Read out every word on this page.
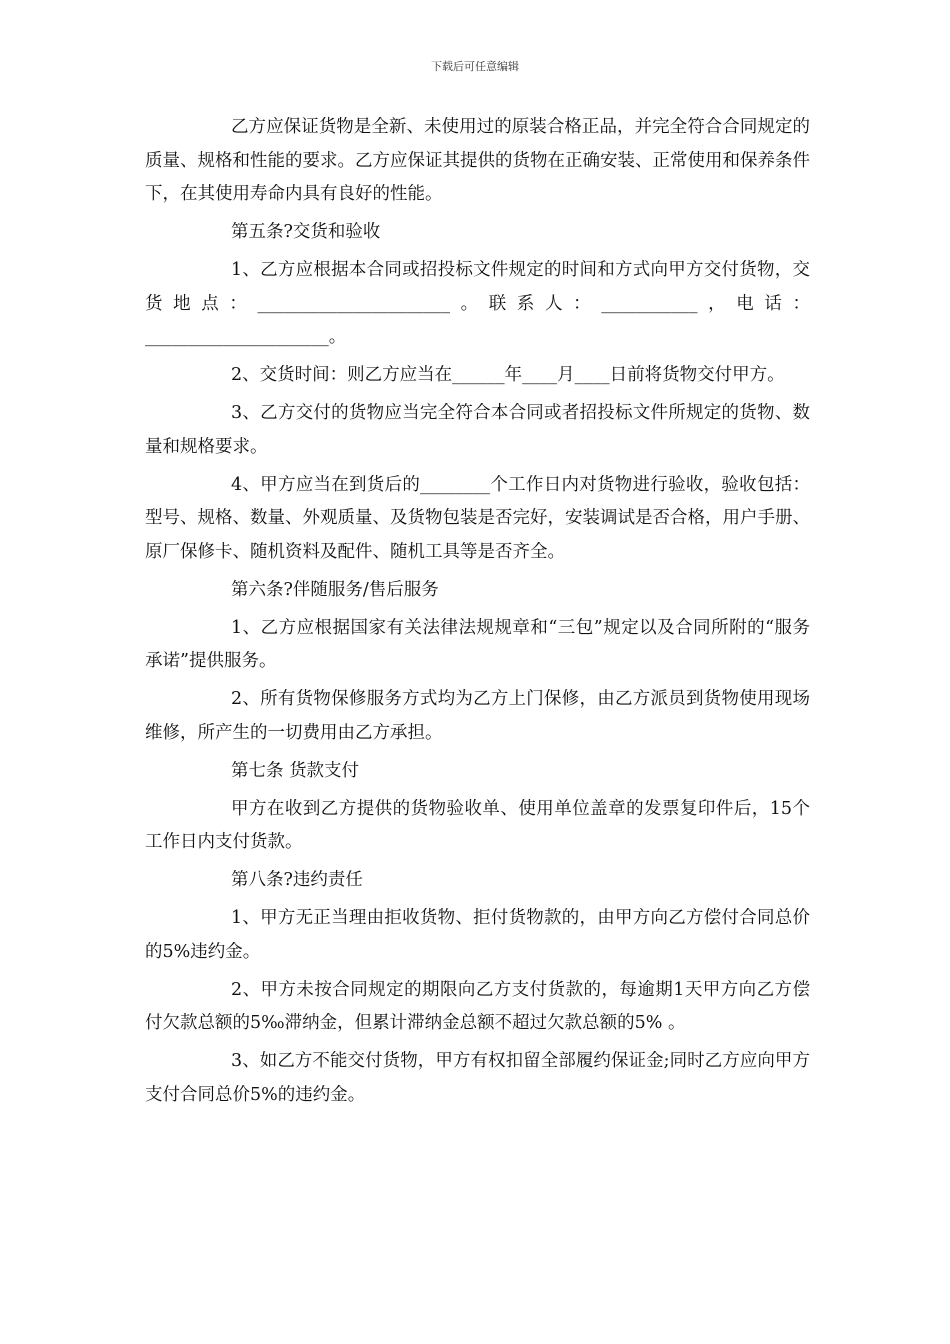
下载后可任意编辑

乙方应保证货物是全新、未使用过的原装合格正品，并完全符合合同规定的质量、规格和性能的要求。乙方应保证其提供的货物在正确安装、正常使用和保养条件下，在其使用寿命内具有良好的性能。

第五条?交货和验收

1、乙方应根据本合同或招投标文件规定的时间和方式向甲方交付货物，交货地点：______________________。联系人：___________，电话：_____________________。

2、交货时间：则乙方应当在______年____月____日前将货物交付甲方。

3、乙方交付的货物应当完全符合本合同或者招投标文件所规定的货物、数量和规格要求。

4、甲方应当在到货后的________个工作日内对货物进行验收，验收包括：型号、规格、数量、外观质量、及货物包装是否完好，安装调试是否合格，用户手册、原厂保修卡、随机资料及配件、随机工具等是否齐全。

第六条?伴随服务/售后服务

1、乙方应根据国家有关法律法规规章和“三包”规定以及合同所附的“服务承诺”提供服务。

2、所有货物保修服务方式均为乙方上门保修，由乙方派员到货物使用现场维修，所产生的一切费用由乙方承担。

第七条 货款支付

甲方在收到乙方提供的货物验收单、使用单位盖章的发票复印件后，15个工作日内支付货款。

第八条?违约责任

1、甲方无正当理由拒收货物、拒付货物款的，由甲方向乙方偿付合同总价的5%违约金。

2、甲方未按合同规定的期限向乙方支付货款的，每逾期1天甲方向乙方偿付欠款总额的5‰滞纳金，但累计滞纳金总额不超过欠款总额的5% 。

3、如乙方不能交付货物，甲方有权扣留全部履约保证金;同时乙方应向甲方支付合同总价5%的违约金。
